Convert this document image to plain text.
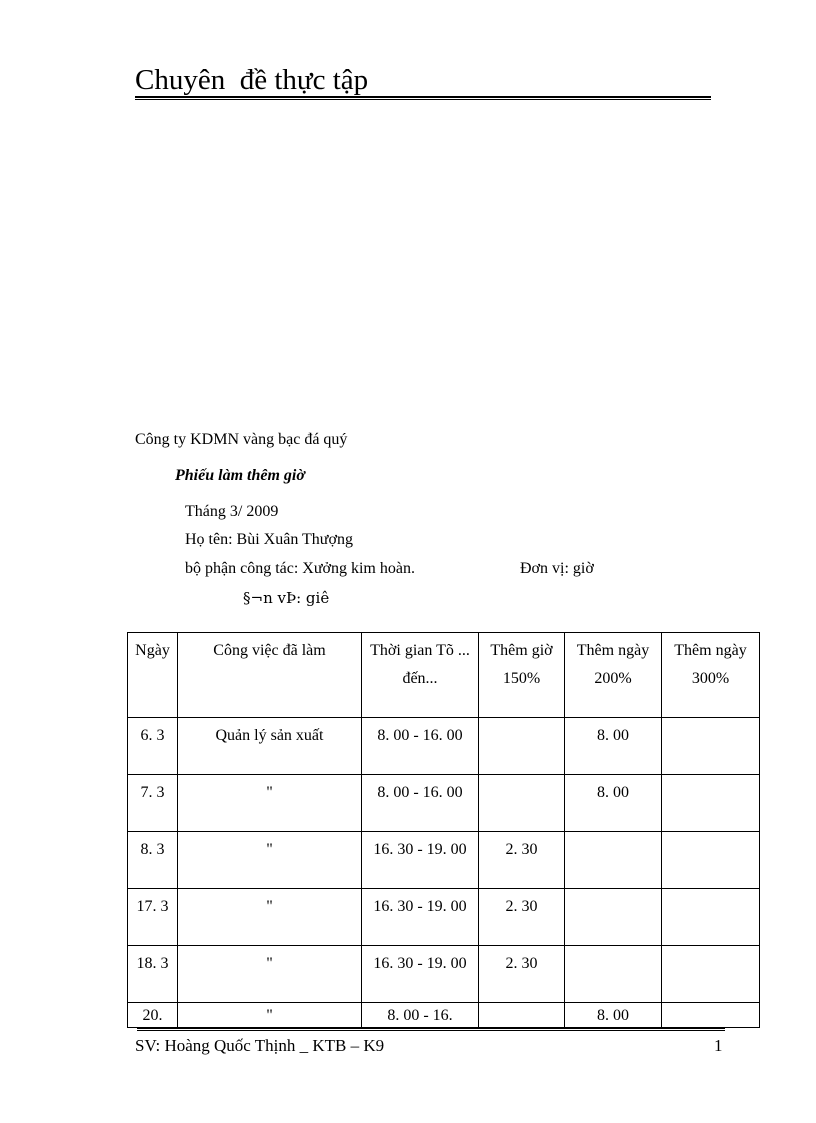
Chuyên  đề thực tập
Công ty KDMN vàng bạc đá quý
Phiếu làm thêm giờ
Tháng 3/ 2009
Họ tên: Bùi Xuân Thượng
bộ phận công tác: Xưởng kim hoàn.	Đơn vị: giờ
§¬n vÞ: giê
Ngày	Công việc đã làm	Thời gian Tõ ... đến...	Thêm giờ 150%	Thêm ngày 200%	Thêm ngày 300%
6. 3	Quản lý sản xuất	8. 00 - 16. 00		8. 00	
7. 3	"	8. 00 - 16. 00		8. 00	
8. 3	"	16. 30 - 19. 00	2. 30		
17. 3	"	16. 30 - 19. 00	2. 30		
18. 3	"	16. 30 - 19. 00	2. 30		
20.	"	8. 00 - 16.		8. 00	
SV: Hoàng Quốc Thịnh _ KTB – K9	1
